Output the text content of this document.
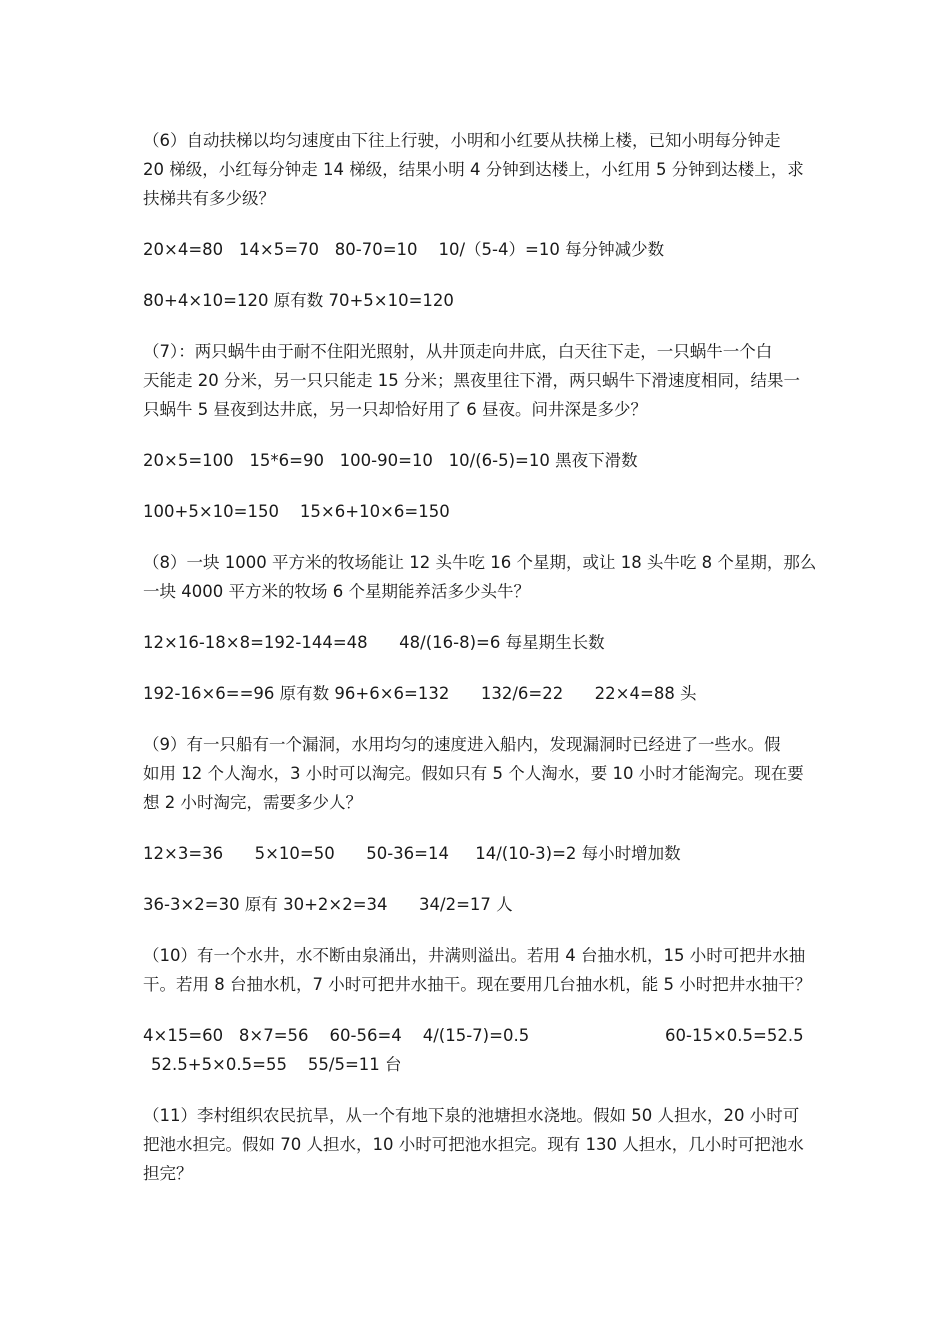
（6）自动扶梯以均匀速度由下往上行驶，小明和小红要从扶梯上楼，已知小明每分钟走
20 梯级，小红每分钟走 14 梯级，结果小明 4 分钟到达楼上，小红用 5 分钟到达楼上，求
扶梯共有多少级？
20×4=80   14×5=70   80-70=10    10/（5-4）=10 每分钟减少数
80+4×10=120 原有数 70+5×10=120
（7）：两只蜗牛由于耐不住阳光照射，从井顶走向井底，白天往下走，一只蜗牛一个白
天能走 20 分米，另一只只能走 15 分米；黑夜里往下滑，两只蜗牛下滑速度相同，结果一
只蜗牛 5 昼夜到达井底，另一只却恰好用了 6 昼夜。问井深是多少？
20×5=100   15*6=90   100-90=10   10/(6-5)=10 黑夜下滑数
100+5×10=150    15×6+10×6=150
（8）一块 1000 平方米的牧场能让 12 头牛吃 16 个星期，或让 18 头牛吃 8 个星期，那么
一块 4000 平方米的牧场 6 个星期能养活多少头牛？
12×16-18×8=192-144=48      48/(16-8)=6 每星期生长数
192-16×6==96 原有数 96+6×6=132      132/6=22      22×4=88 头
（9）有一只船有一个漏洞，水用均匀的速度进入船内，发现漏洞时已经进了一些水。假
如用 12 个人淘水，3 小时可以淘完。假如只有 5 个人淘水，要 10 小时才能淘完。现在要
想 2 小时淘完，需要多少人？
12×3=36      5×10=50      50-36=14     14/(10-3)=2 每小时增加数
36-3×2=30 原有 30+2×2=34      34/2=17 人
（10）有一个水井，水不断由泉涌出，井满则溢出。若用 4 台抽水机，15 小时可把井水抽
干。若用 8 台抽水机，7 小时可把井水抽干。现在要用几台抽水机，能 5 小时把井水抽干？
4×15=60   8×7=56    60-56=4    4/(15-7)=0.5	60-15×0.5=52.5
52.5+5×0.5=55    55/5=11 台
（11）李村组织农民抗旱，从一个有地下泉的池塘担水浇地。假如 50 人担水，20 小时可
把池水担完。假如 70 人担水，10 小时可把池水担完。现有 130 人担水，几小时可把池水
担完？
